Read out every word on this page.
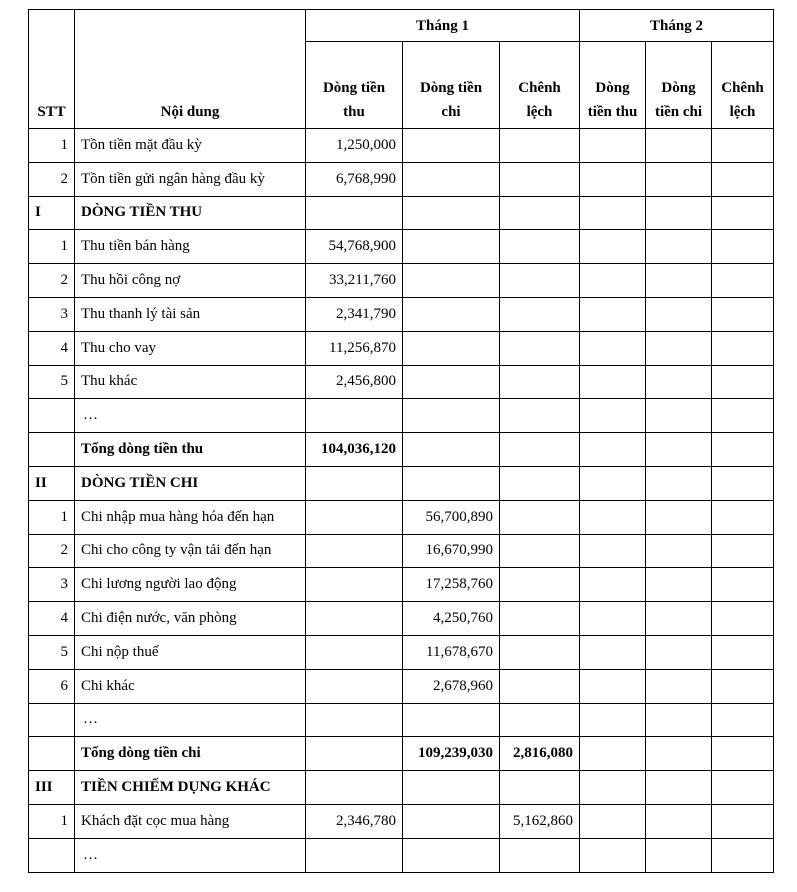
STT	Nội dung	Tháng 1			Tháng 2		
		Dòng tiền thu	Dòng tiền chi	Chênh lệch	Dòng tiền thu	Dòng tiền chi	Chênh lệch
1	Tồn tiền mặt đầu kỳ	1,250,000					
2	Tồn tiền gửi ngân hàng đầu kỳ	6,768,990					
I	DÒNG TIỀN THU						
1	Thu tiền bán hàng	54,768,900					
2	Thu hồi công nợ	33,211,760					
3	Thu thanh lý tài sản	2,341,790					
4	Thu cho vay	11,256,870					
5	Thu khác	2,456,800					
	…						
	Tổng dòng tiền thu	104,036,120					
II	DÒNG TIỀN CHI						
1	Chi nhập mua hàng hóa đến hạn		56,700,890				
2	Chi cho công ty vận tải đến hạn		16,670,990				
3	Chi lương người lao động		17,258,760				
4	Chi điện nước, văn phòng		4,250,760				
5	Chi nộp thuế		11,678,670				
6	Chi khác		2,678,960				
	…						
	Tổng dòng tiền chi		109,239,030	2,816,080			
III	TIỀN CHIẾM DỤNG KHÁC						
1	Khách đặt cọc mua hàng	2,346,780		5,162,860			
	…						
